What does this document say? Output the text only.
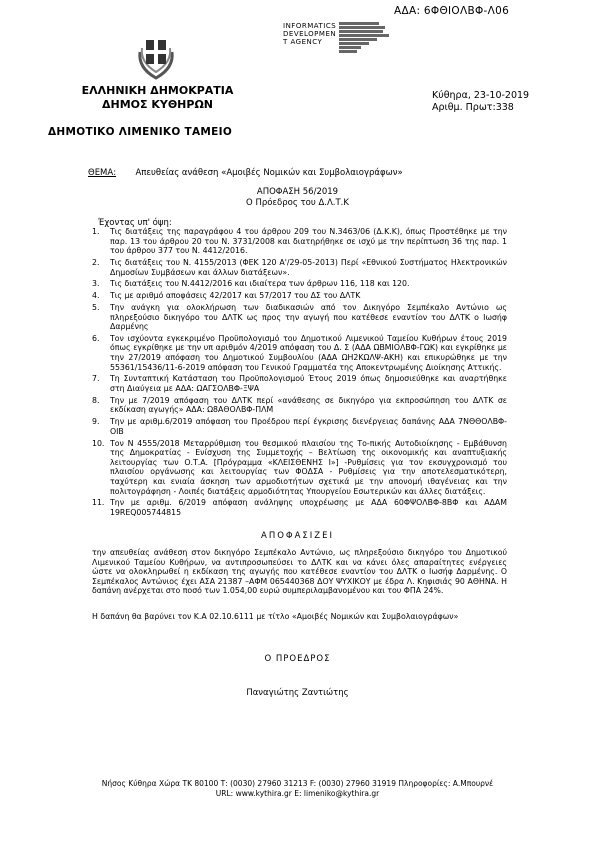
ΑΔΑ: 6ΦΘΙΟΛΒΦ-Λ06
INFORMATICS
DEVELOPMEN
T AGENCY
ΕΛΛΗΝΙΚΗ ΔΗΜΟΚΡΑΤΙΑ
ΔΗΜΟΣ ΚΥΘΗΡΩΝ
Κύθηρα, 23-10-2019
Αριθμ. Πρωτ:338
ΔΗΜΟΤΙΚΟ ΛΙΜΕΝΙΚΟ ΤΑΜΕΙΟ
ΘΕΜΑ: Απευθείας ανάθεση «Αμοιβές Νομικών και Συμβολαιογράφων»
ΑΠΟΦΑΣΗ 56/2019
Ο Πρόεδρος του Δ.Λ.Τ.Κ
Έχοντας υπ' όψη:
1. Τις διατάξεις της παραγράφου 4 του άρθρου 209 του Ν.3463/06 (Δ.Κ.Κ), όπως Προστέθηκε με την παρ. 13 του άρθρου 20 του Ν. 3731/2008 και διατηρήθηκε σε ισχύ με την περίπτωση 36 της παρ. 1 του άρθρου 377 του Ν. 4412/2016.
2. Τις διατάξεις του Ν. 4155/2013 (ΦΕΚ 120 Α'/29-05-2013) Περί «Εθνικού Συστήματος Ηλεκτρονικών Δημοσίων Συμβάσεων και άλλων διατάξεων».
3. Τις διατάξεις του Ν.4412/2016 και ιδιαίτερα των άρθρων 116, 118 και 120.
4. Τις με αριθμό αποφάσεις 42/2017 και 57/2017 του ΔΣ του ΔΛΤΚ
5. Την ανάγκη για ολοκλήρωση των διαδικασιών από τον Δικηγόρο Σεμπέκαλο Αντώνιο ως πληρεξούσιο δικηγόρο του ΔΛΤΚ ως προς την αγωγή που κατέθεσε εναντίον του ΔΛΤΚ ο Ιωσήφ Δαρμένης
6. Τον ισχύοντα εγκεκριμένο Προϋπολογισμό του Δημοτικού Λιμενικού Ταμείου Κυθήρων έτους 2019 όπως εγκρίθηκε με την υπ αριθμόν 4/2019 απόφαση του Δ. Σ (ΑΔΑ ΩΒΜΙΟΛΒΦ-ΓΩΚ) και εγκρίθηκε με την 27/2019 απόφαση του Δημοτικού Συμβουλίου (ΑΔΑ ΩΗ2ΚΩΛΨ-ΑΚΗ) και επικυρώθηκε με την 55361/15436/11-6-2019 απόφαση του Γενικού Γραμματέα της Αποκεντρωμένης Διοίκησης Αττικής.
7. Τη Συνταπτική Κατάσταση του Προϋπολογισμού Έτους 2019 όπως δημοσιεύθηκε και αναρτήθηκε στη Διαύγεια με ΑΔΑ: ΩΑΓΣΟΛΒΦ-ΞΨΑ
8. Την με 7/2019 απόφαση του ΔΛΤΚ περί «ανάθεσης σε δικηγόρο για εκπροσώπηση του ΔΛΤΚ σε εκδίκαση αγωγής» ΑΔΑ: Ω8ΑΘΟΛΒΦ-ΠΛΜ
9. Την με αριθμ.6/2019 απόφαση του Προέδρου περί έγκρισης διενέργειας δαπάνης ΑΔΑ 7ΝΘΘΟΛΒΦ-ΟΙΒ
10. Τον Ν 4555/2018 Μεταρρύθμιση του θεσμικού πλαισίου της Το-πικής Αυτοδιοίκησης - Εμβάθυνση της Δημοκρατίας - Ενίσχυση της Συμμετοχής – Βελτίωση της οικονομικής και αναπτυξιακής λειτουργίας των Ο.Τ.Α. [Πρόγραμμα «ΚΛΕΙΣΘΕΝΗΣ Ι»] -Ρυθμίσεις για τον εκσυγχρονισμό του πλαισίου οργάνωσης και λειτουργίας των ΦΟΔΣΑ - Ρυθμίσεις για την αποτελεσματικότερη, ταχύτερη και ενιαία άσκηση των αρμοδιοτήτων σχετικά με την απονομή ιθαγένειας και την πολιτογράφηση - Λοιπές διατάξεις αρμοδιότητας Υπουργείου Εσωτερικών και άλλες διατάξεις.
11. Την με αριθμ. 6/2019 απόφαση ανάληψης υποχρέωσης με ΑΔΑ 60ΦΨΟΛΒΦ-8ΒΦ και ΑΔΑΜ 19REQ005744815
ΑΠΟΦΑΣΙΖΕΙ
την απευθείας ανάθεση στον δικηγόρο Σεμπέκαλο Αντώνιο, ως πληρεξούσιο δικηγόρο του Δημοτικού Λιμενικού Ταμείου Κυθήρων, να αντιπροσωπεύσει το ΔΛΤΚ και να κάνει όλες απαραίτητες ενέργειες ώστε να ολοκληρωθεί η εκδίκαση της αγωγής που κατέθεσε εναντίον του ΔΛΤΚ ο Ιωσήφ Δαρμένης. Ο Σεμπέκαλος Αντώνιος έχει ΑΣΑ 21387 –ΑΦΜ 065440368 ΔΟΥ ΨΥΧΙΚΟΥ με έδρα Λ. Κηφισιάς 90 ΑΘΗΝΑ. Η δαπάνη ανέρχεται στο ποσό των 1.054,00 ευρώ συμπεριλαμβανομένου και του ΦΠΑ 24%.
Η δαπάνη θα βαρύνει τον Κ.Α 02.10.6111 με τίτλο «Αμοιβές Νομικών και Συμβολαιογράφων»
Ο ΠΡΟΕΔΡΟΣ
Παναγιώτης Ζαντιώτης
Νήσος Κύθηρα Χώρα ΤΚ 80100 Τ: (0030) 27960 31213 F: (0030) 27960 31919 Πληροφορίες: Α.Μπουρνέ
URL: www.kythira.gr E: limeniko@kythira.gr
